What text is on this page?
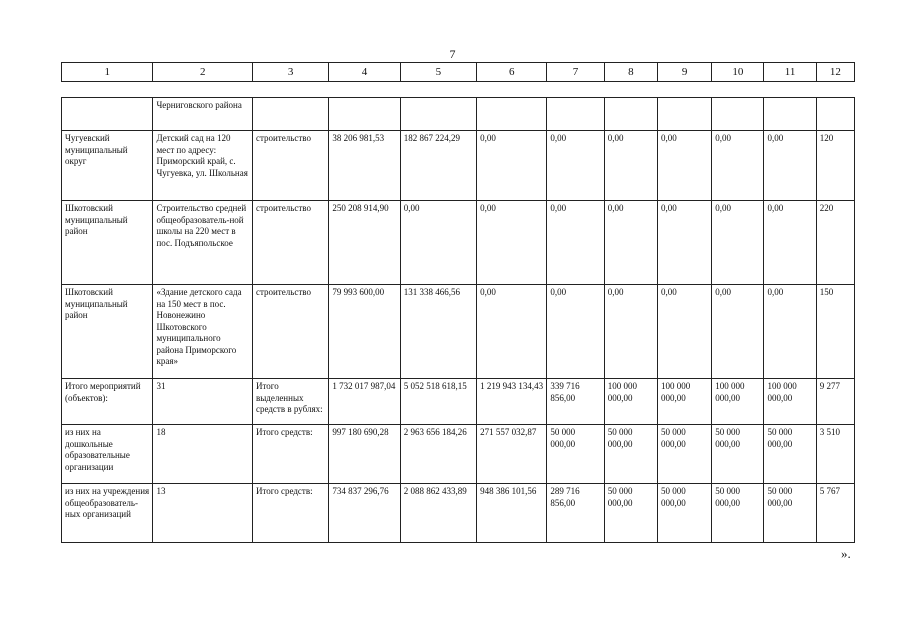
7
1	2	3	4	5	6	7	8	9	10	11	12
	Черниговского района										
Чугуевский муниципальный округ	Детский сад на 120 мест по адресу: Приморский край, с. Чугуевка, ул. Школьная	строительство	38 206 981,53	182 867 224,29	0,00	0,00	0,00	0,00	0,00	0,00	120
Шкотовский муниципальный район	Строительство средней общеобразователь-ной школы на 220 мест в пос. Подъяпольское	строительство	250 208 914,90	0,00	0,00	0,00	0,00	0,00	0,00	0,00	220
Шкотовский муниципальный район	«Здание детского сада на 150 мест в пос. Новонежино Шкотовского муниципального района Приморского края»	строительство	79 993 600,00	131 338 466,56	0,00	0,00	0,00	0,00	0,00	0,00	150
Итого мероприятий (объектов):	31	Итого выделенных средств в рублях:	1 732 017 987,04	5 052 518 618,15	1 219 943 134,43	339 716 856,00	100 000 000,00	100 000 000,00	100 000 000,00	100 000 000,00	9 277
из них на дошкольные образовательные организации	18	Итого средств:	997 180 690,28	2 963 656 184,26	271 557 032,87	50 000 000,00	50 000 000,00	50 000 000,00	50 000 000,00	50 000 000,00	3 510
из них на учреждения общеобразователь-ных организаций	13	Итого средств:	734 837 296,76	2 088 862 433,89	948 386 101,56	289 716 856,00	50 000 000,00	50 000 000,00	50 000 000,00	50 000 000,00	5 767
».
